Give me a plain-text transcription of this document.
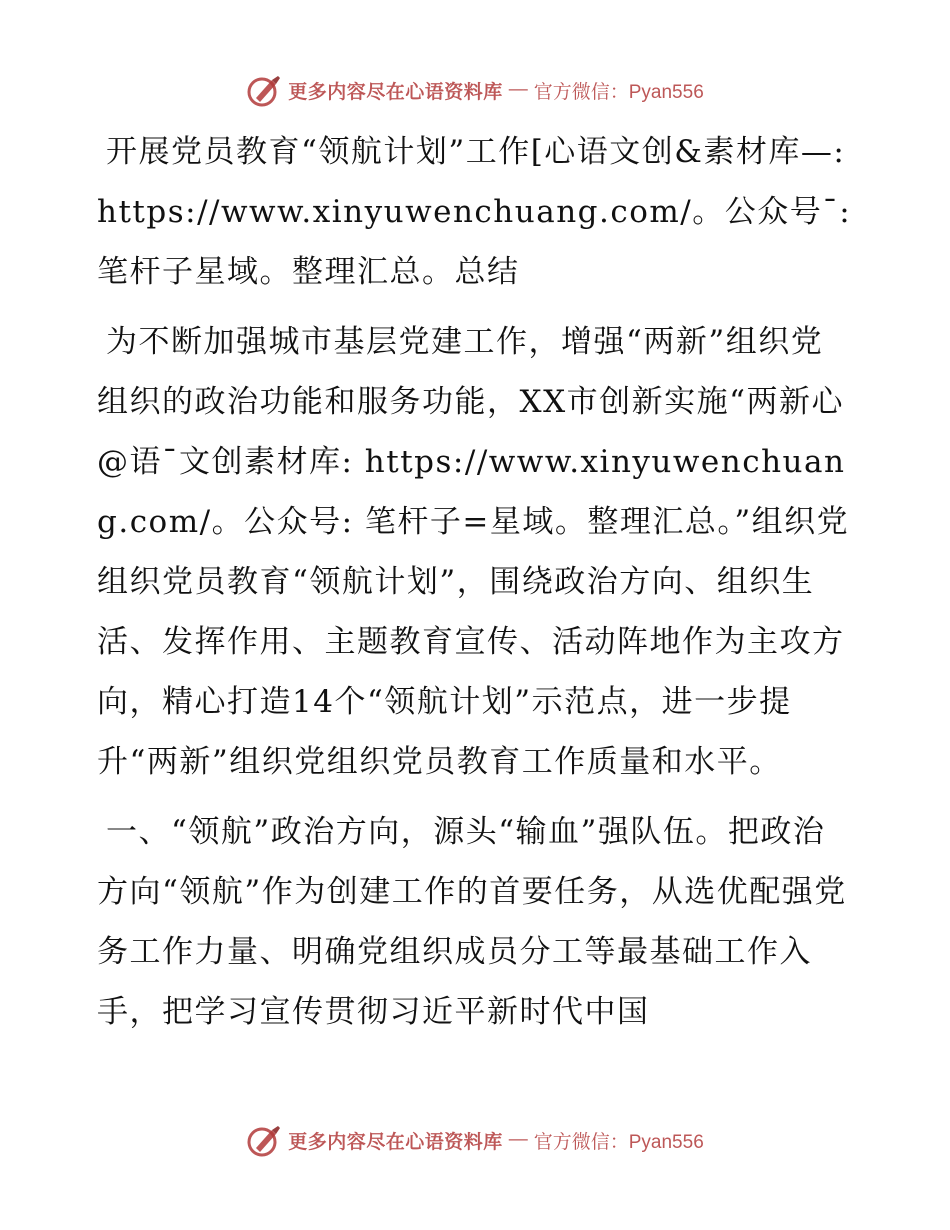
更多内容尽在心语资料库 — 官方微信：Pyan556

开展党员教育“领航计划”工作[心语文创&素材库—: https://www.xinyuwenchuang.com/。公众号¯: 笔杆子星域。整理汇总。总结

为不断加强城市基层党建工作，增强“两新”组织党组织的政治功能和服务功能，XX市创新实施“两新心@语¯文创素材库: https://www.xinyuwenchuang.com/。公众号: 笔杆子=星域。整理汇总。”组织党组织党员教育“领航计划”，围绕政治方向、组织生活、发挥作用、主题教育宣传、活动阵地作为主攻方向，精心打造14个“领航计划”示范点，进一步提升“两新”组织党组织党员教育工作质量和水平。

一、“领航”政治方向，源头“输血”强队伍。把政治方向“领航”作为创建工作的首要任务，从选优配强党务工作力量、明确党组织成员分工等最基础工作入手，把学习宣传贯彻习近平新时代中国

更多内容尽在心语资料库 — 官方微信：Pyan556
